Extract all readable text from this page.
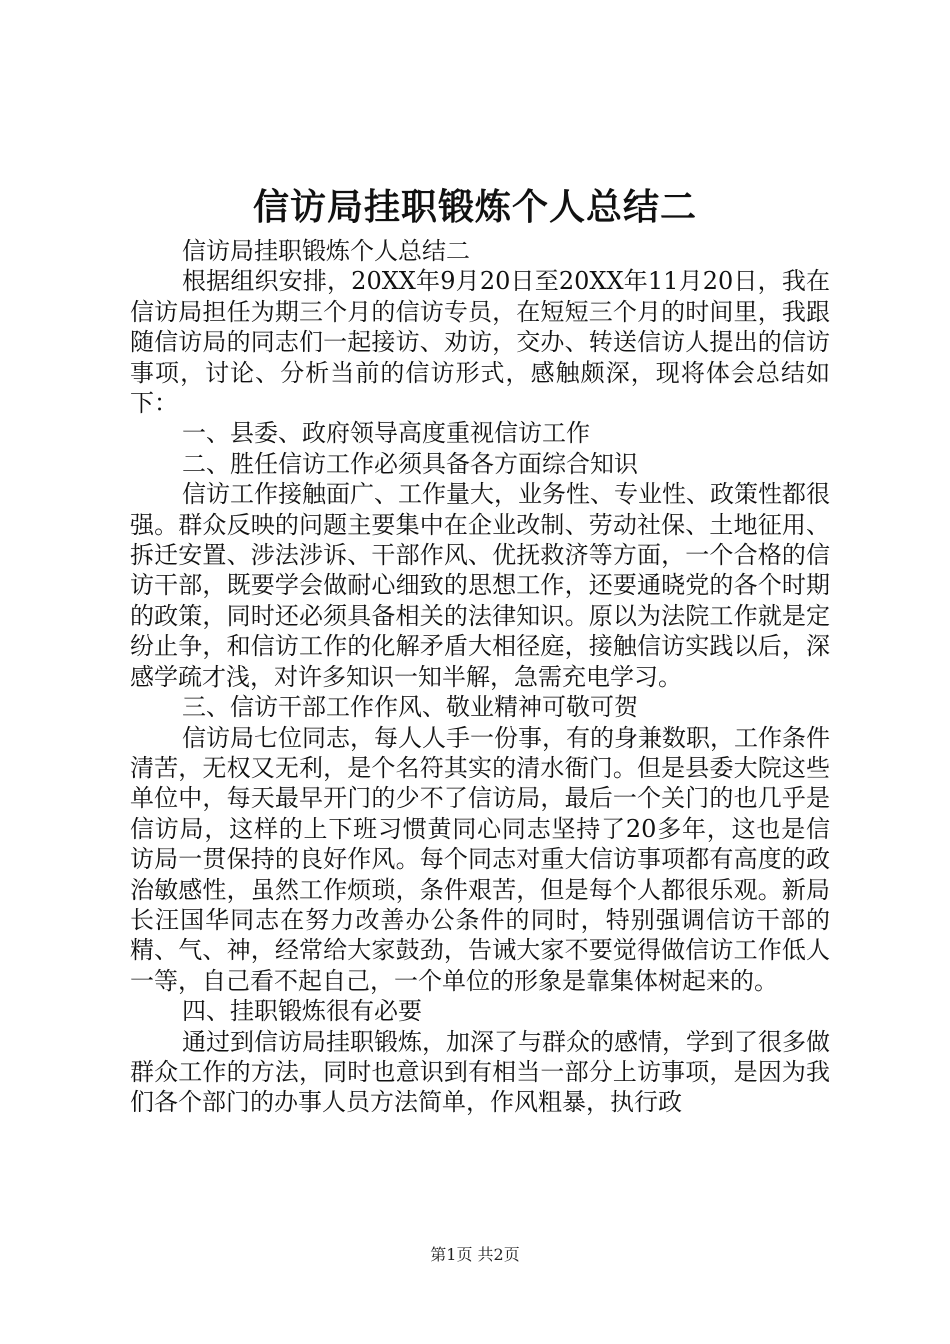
信访局挂职锻炼个人总结二

信访局挂职锻炼个人总结二

根据组织安排，20XX年9月20日至20XX年11月20日，我在信访局担任为期三个月的信访专员，在短短三个月的时间里，我跟随信访局的同志们一起接访、劝访，交办、转送信访人提出的信访事项，讨论、分析当前的信访形式，感触颇深，现将体会总结如下：

一、县委、政府领导高度重视信访工作

二、胜任信访工作必须具备各方面综合知识

信访工作接触面广、工作量大，业务性、专业性、政策性都很强。群众反映的问题主要集中在企业改制、劳动社保、土地征用、拆迁安置、涉法涉诉、干部作风、优抚救济等方面，一个合格的信访干部，既要学会做耐心细致的思想工作，还要通晓党的各个时期的政策，同时还必须具备相关的法律知识。原以为法院工作就是定纷止争，和信访工作的化解矛盾大相径庭，接触信访实践以后，深感学疏才浅，对许多知识一知半解，急需充电学习。

三、信访干部工作作风、敬业精神可敬可贺

信访局七位同志，每人人手一份事，有的身兼数职，工作条件清苦，无权又无利，是个名符其实的清水衙门。但是县委大院这些单位中，每天最早开门的少不了信访局，最后一个关门的也几乎是信访局，这样的上下班习惯黄同心同志坚持了20多年，这也是信访局一贯保持的良好作风。每个同志对重大信访事项都有高度的政治敏感性，虽然工作烦琐，条件艰苦，但是每个人都很乐观。新局长汪国华同志在努力改善办公条件的同时，特别强调信访干部的精、气、神，经常给大家鼓劲，告诫大家不要觉得做信访工作低人一等，自己看不起自己，一个单位的形象是靠集体树起来的。

四、挂职锻炼很有必要

通过到信访局挂职锻炼，加深了与群众的感情，学到了很多做群众工作的方法，同时也意识到有相当一部分上访事项，是因为我们各个部门的办事人员方法简单，作风粗暴，执行政

第1页 共2页
